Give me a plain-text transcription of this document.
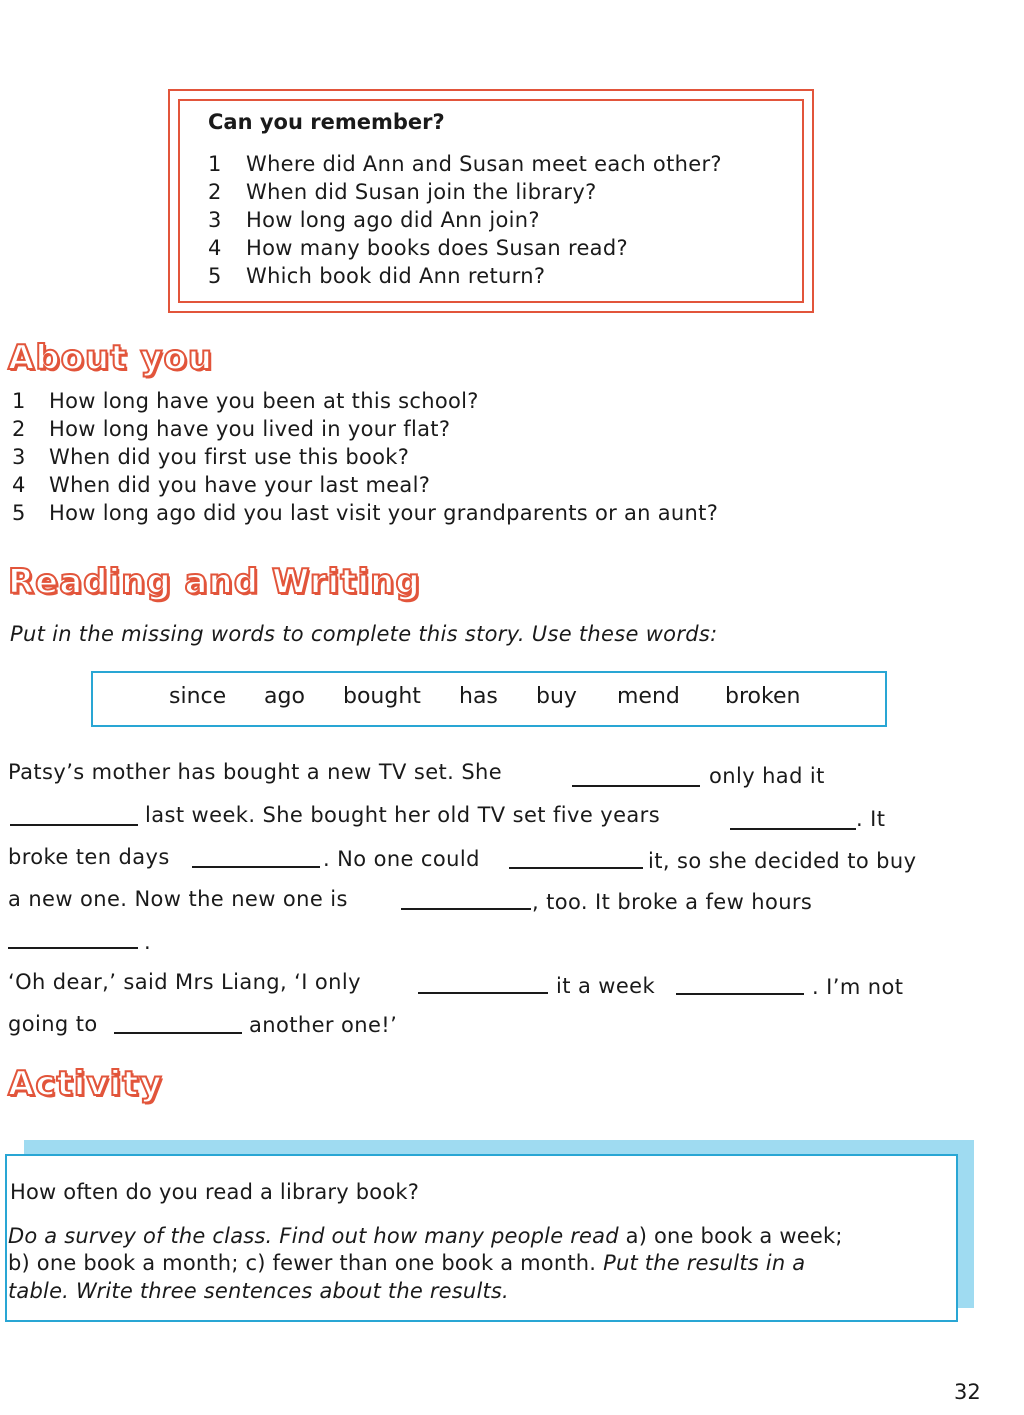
Can you remember?
1 Where did Ann and Susan meet each other?
2 When did Susan join the library?
3 How long ago did Ann join?
4 How many books does Susan read?
5 Which book did Ann return?
About you
1 How long have you been at this school?
2 How long have you lived in your flat?
3 When did you first use this book?
4 When did you have your last meal?
5 How long ago did you last visit your grandparents or an aunt?
Reading and Writing
Put in the missing words to complete this story. Use these words:
since ago bought has buy mend broken
Patsy’s mother has bought a new TV set. She	only had it
last week. She bought her old TV set five years	. It
broke ten days	. No one could	it, so she decided to buy
a new one. Now the new one is	, too. It broke a few hours
.
‘Oh dear,’ said Mrs Liang, ‘I only	it a week	. I’m not
going to	another one!’
Activity
How often do you read a library book?
Do a survey of the class. Find out how many people read a) one book a week;
b) one book a month; c) fewer than one book a month. Put the results in a
table. Write three sentences about the results.
32
